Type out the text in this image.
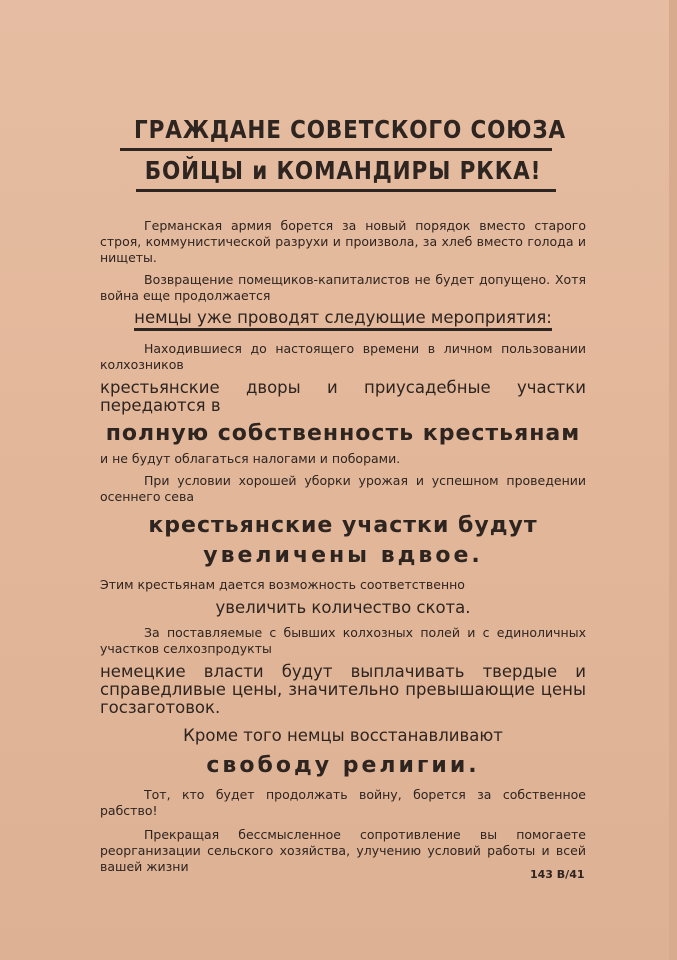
ГРАЖДАНЕ СОВЕТСКОГО СОЮЗА
БОЙЦЫ и КОМАНДИРЫ РККА!

Германская армия борется за новый порядок вместо старого строя, коммунистической разрухи и произвола, за хлеб вместо голода и нищеты.

Возвращение помещиков-капиталистов не будет допущено. Хотя война еще продолжается

немцы уже проводят следующие мероприятия:

Находившиеся до настоящего времени в личном пользовании колхозников

крестьянские дворы и приусадебные участки передаются в

полную собственность крестьянам

и не будут облагаться налогами и поборами.

При условии хорошей уборки урожая и успешном проведении осеннего сева

крестьянские участки будут

увеличены вдвое.

Этим крестьянам дается возможность соответственно

увеличить количество скота.

За поставляемые с бывших колхозных полей и с единоличных участков селхозпродукты

немецкие власти будут выплачивать твердые и справедливые цены, значительно превышающие цены госзаготовок.

Кроме того немцы восстанавливают

свободу религии.

Тот, кто будет продолжать войну, борется за собственное рабство!

Прекращая бессмысленное сопротивление вы помогаете реорганизации сельского хозяйства, улучению условий работы и всей вашей жизни

143 В/41
